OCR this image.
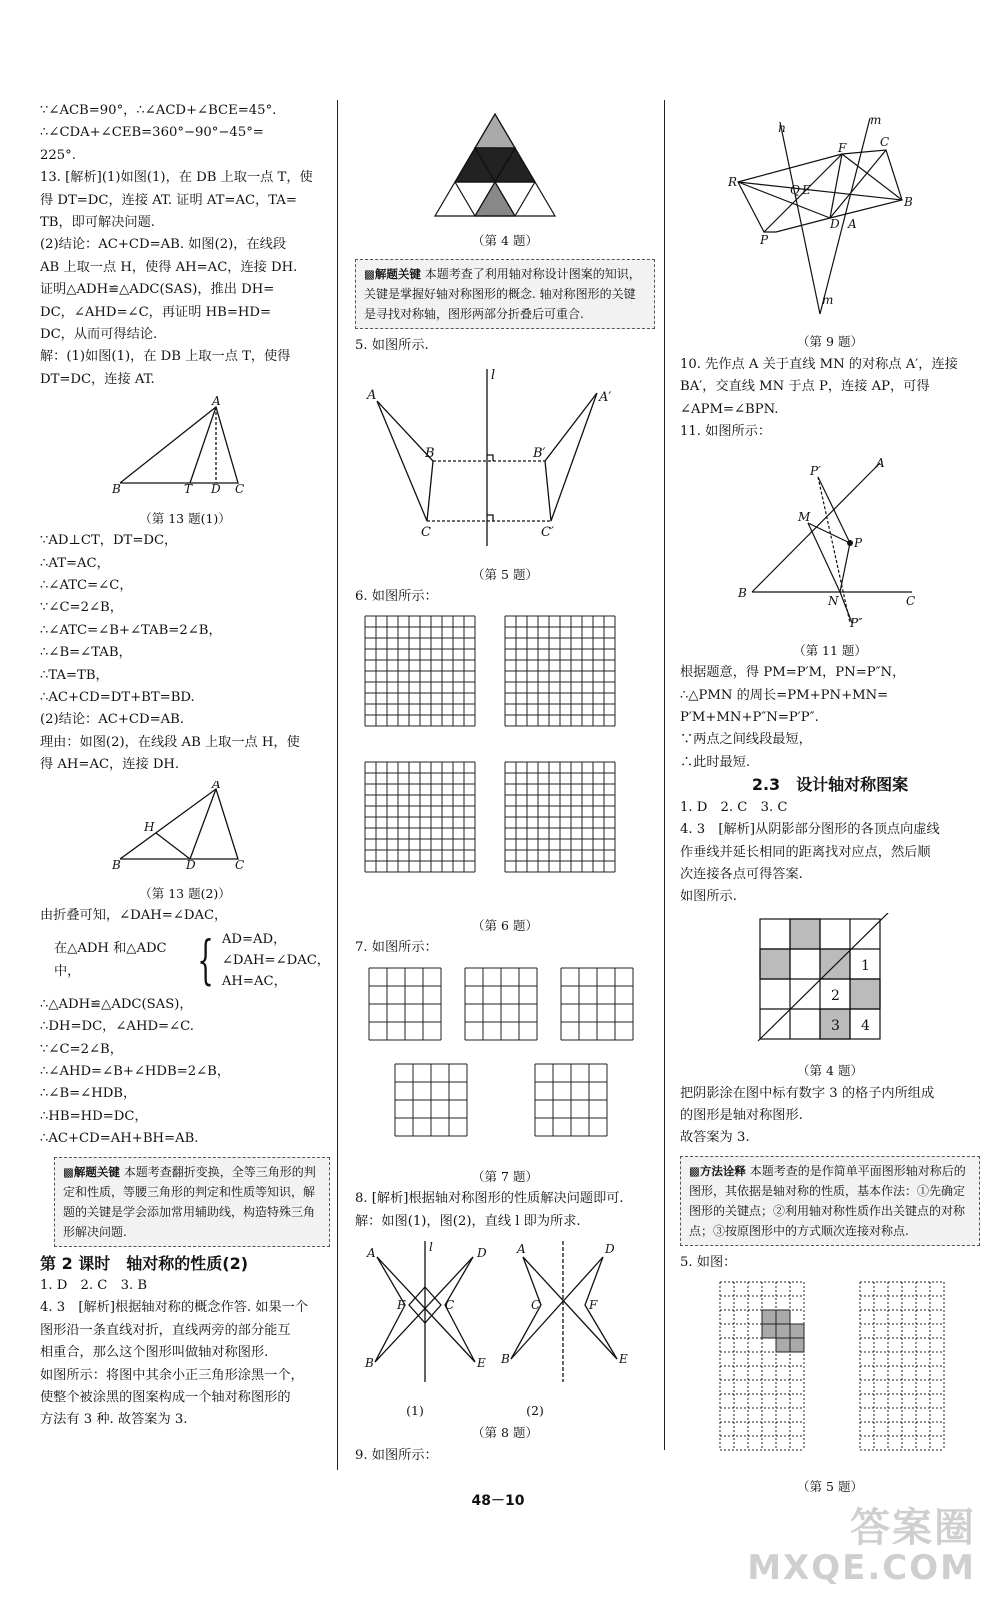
∵∠ACB=90°，∴∠ACD+∠BCE=45°.

∴∠CDA+∠CEB=360°−90°−45°=

225°.

13. [解析](1)如图(1)，在 DB 上取一点 T，使

得 DT=DC，连接 AT. 证明 AT=AC，TA=

TB，即可解决问题.

(2)结论：AC+CD=AB. 如图(2)，在线段

AB 上取一点 H，使得 AH=AC，连接 DH.

证明△ADH≌△ADC(SAS)，推出 DH=

DC，∠AHD=∠C，再证明 HB=HD=

DC，从而可得结论.

解：(1)如图(1)，在 DB 上取一点 T，使得

DT=DC，连接 AT.

A
B	T D C

（第 13 题(1)）

∵AD⊥CT，DT=DC，

∴AT=AC，

∴∠ATC=∠C，

∵∠C=2∠B，

∴∠ATC=∠B+∠TAB=2∠B，

∴∠B=∠TAB，

∴TA=TB，

∴AC+CD=DT+BT=BD.

(2)结论：AC+CD=AB.

理由：如图(2)，在线段 AB 上取一点 H，使

得 AH=AC，连接 DH.

A
H
B	D	C

（第 13 题(2)）

由折叠可知，∠DAH=∠DAC，

在△ADH 和△ADC 中，	{ AD=AD，

∠DAH=∠DAC，

AH=AC，

∴△ADH≌△ADC(SAS)，

∴DH=DC，∠AHD=∠C.

∵∠C=2∠B，

∴∠AHD=∠B+∠HDB=2∠B，

∴∠B=∠HDB，

∴HB=HD=DC，

∴AC+CD=AH+BH=AB.

▩解题关键 本题考查翻折变换，全等三角形的判定和性质，等腰三角形的判定和性质等知识，解题的关键是学会添加常用辅助线，构造特殊三角形解决问题.

第 2 课时　轴对称的性质(2)

1. D　2. C　3. B

4. 3　[解析]根据轴对称的概念作答. 如果一个

图形沿一条直线对折，直线两旁的部分能互

相重合，那么这个图形叫做轴对称图形.

如图所示：将图中其余小正三角形涂黑一个，

使整个被涂黑的图案构成一个轴对称图形的

方法有 3 种. 故答案为 3.

（第 4 题）

▩解题关键 本题考查了利用轴对称设计图案的知识，关键是掌握好轴对称图形的概念. 轴对称图形的关键是寻找对称轴，图形两部分折叠后可重合.

5. 如图所示.

l
A
B
C
A′
B′
C′

（第 5 题）

6. 如图所示：

（第 6 题）

7. 如图所示：

（第 7 题）

8. [解析]根据轴对称图形的性质解决问题即可.

解：如图(1)，图(2)，直线 l 即为所求.

l
A	D
F	C
B	E
A	D
C	F
B	E
(1)	(2)

（第 8 题）

9. 如图所示：

n
m
R
F	C
B
Q E
D A
P
m

（第 9 题）

10. 先作点 A 关于直线 MN 的对称点 A′，连接

BA′，交直线 MN 于点 P，连接 AP，可得

∠APM=∠BPN.

11. 如图所示：

P′
A
M
P
B
N	C
P″

（第 11 题）

根据题意，得 PM=P′M，PN=P″N，

∴△PMN 的周长=PM+PN+MN=

P′M+MN+P″N=P′P″.

∵两点之间线段最短，

∴此时最短.

2.3　设计轴对称图案

1. D　2. C　3. C

4. 3　[解析]从阴影部分图形的各顶点向虚线

作垂线并延长相同的距离找对应点，然后顺

次连接各点可得答案.

如图所示.

1
2
3 4

（第 4 题）

把阴影涂在图中标有数字 3 的格子内所组成

的图形是轴对称图形.

故答案为 3.

▩方法诠释 本题考查的是作简单平面图形轴对称后的图形，其依据是轴对称的性质，基本作法：①先确定图形的关键点；②利用轴对称性质作出关键点的对称点；③按原图形中的方式顺次连接对称点.

5. 如图：

（第 5 题）

48－10
答案圈
MXQE.COM
